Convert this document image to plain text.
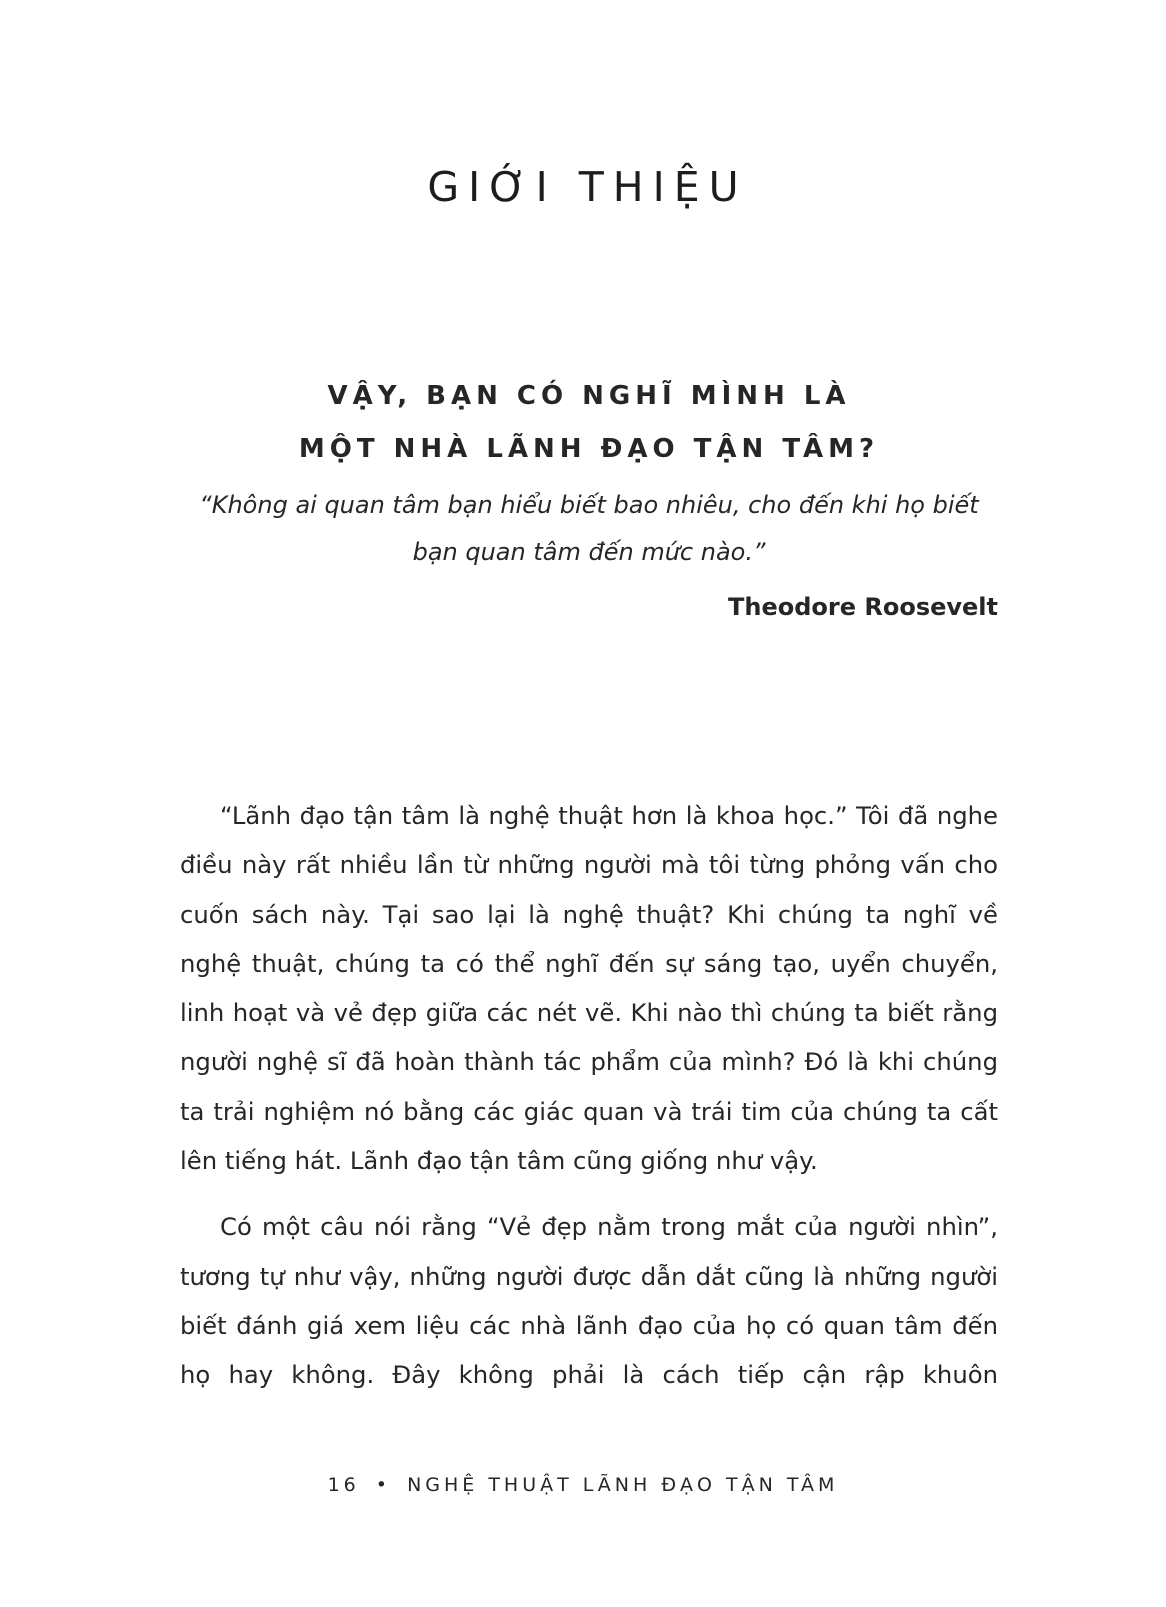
GIỚI THIỆU
VẬY, BẠN CÓ NGHĨ MÌNH LÀ
MỘT NHÀ LÃNH ĐẠO TẬN TÂM?
“Không ai quan tâm bạn hiểu biết bao nhiêu, cho đến khi họ biết
bạn quan tâm đến mức nào.”

Theodore Roosevelt

“Lãnh đạo tận tâm là nghệ thuật hơn là khoa học.” Tôi đã nghe điều này rất nhiều lần từ những người mà tôi từng phỏng vấn cho cuốn sách này. Tại sao lại là nghệ thuật? Khi chúng ta nghĩ về nghệ thuật, chúng ta có thể nghĩ đến sự sáng tạo, uyển chuyển, linh hoạt và vẻ đẹp giữa các nét vẽ. Khi nào thì chúng ta biết rằng người nghệ sĩ đã hoàn thành tác phẩm của mình? Đó là khi chúng ta trải nghiệm nó bằng các giác quan và trái tim của chúng ta cất lên tiếng hát. Lãnh đạo tận tâm cũng giống như vậy.

Có một câu nói rằng “Vẻ đẹp nằm trong mắt của người nhìn”, tương tự như vậy, những người được dẫn dắt cũng là những người biết đánh giá xem liệu các nhà lãnh đạo của họ có quan tâm đến họ hay không. Đây không phải là cách tiếp cận rập khuôn

16 • NGHỆ THUẬT LÃNH ĐẠO TẬN TÂM
